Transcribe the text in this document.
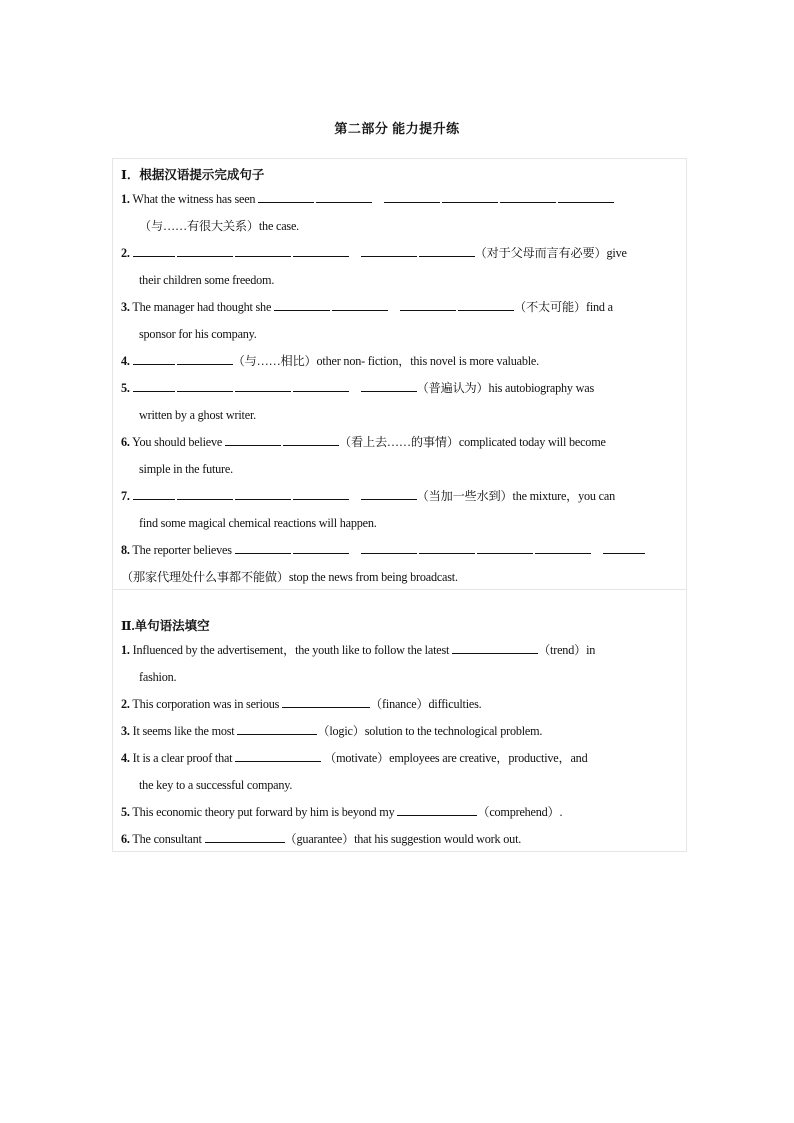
第二部分 能力提升练
Ⅰ．根据汉语提示完成句子
1. What the witness has seen
（与……有很大关系）the case.
2.	（对于父母而言有必要）give
their children some freedom.
3. The manager had thought she	（不太可能）find a
sponsor for his company.
4.	（与……相比）other non- fiction，this novel is more valuable.
5.	（普遍认为）his autobiography was
written by a ghost writer.
6. You should believe	（看上去……的事情）complicated today will become
simple in the future.
7.	（当加一些水到）the mixture，you can
find some magical chemical reactions will happen.
8. The reporter believes
（那家代理处什么事都不能做）stop the news from being broadcast.
Ⅱ.单句语法填空
1. Influenced by the advertisement，the youth like to follow the latest	（trend）in
fashion.
2. This corporation was in serious	（finance）difficulties.
3. It seems like the most	（logic）solution to the technological problem.
4. It is a clear proof that	（motivate）employees are creative，productive，and
the key to a successful company.
5. This economic theory put forward by him is beyond my	（comprehend）.
6. The consultant	（guarantee）that his suggestion would work out.
